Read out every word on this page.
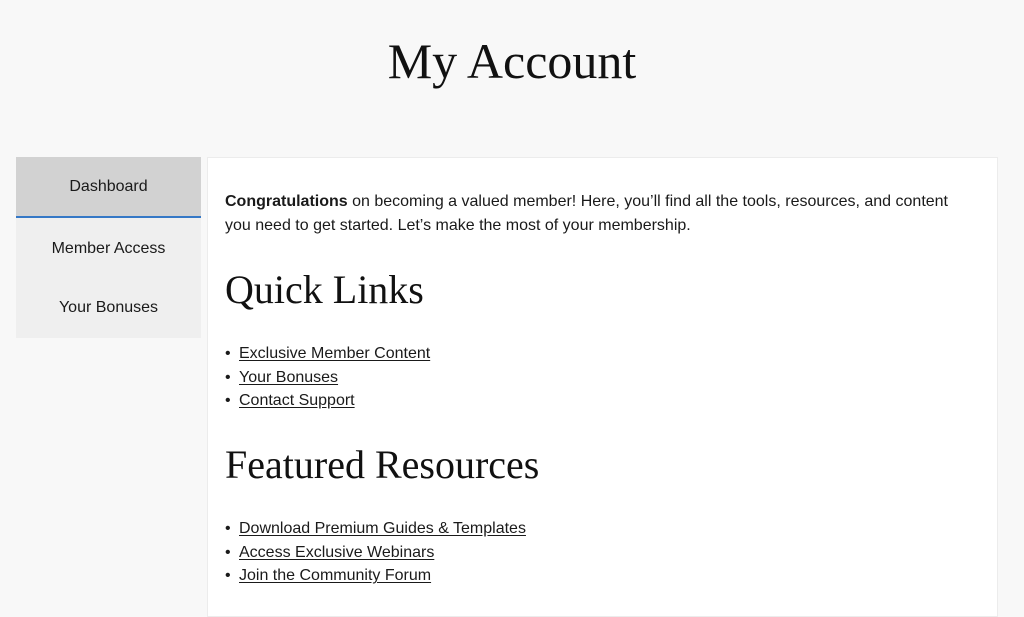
My Account
Dashboard
Member Access
Your Bonuses

Congratulations on becoming a valued member! Here, you’ll find all the tools, resources, and content you need to get started. Let’s make the most of your membership.

Quick Links
• Exclusive Member Content
• Your Bonuses
• Contact Support
Featured Resources
• Download Premium Guides & Templates
• Access Exclusive Webinars
• Join the Community Forum
